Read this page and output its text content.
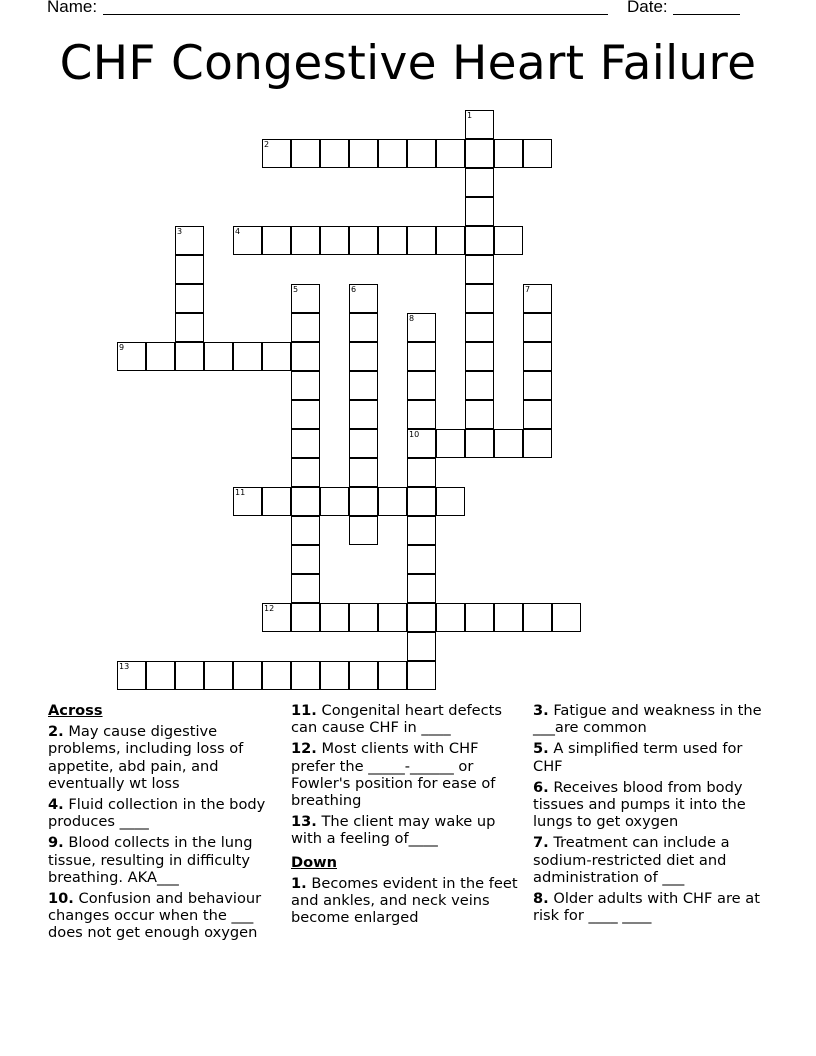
Name:	Date:
CHF Congestive Heart Failure
1
2
3	4
5	6	7
8
10
9
11
12
13
Across
2. May cause digestive problems, including loss of appetite, abd pain, and eventually wt loss
4. Fluid collection in the body produces ____
9. Blood collects in the lung tissue, resulting in difficulty breathing. AKA___
10. Confusion and behaviour changes occur when the ___ does not get enough oxygen
11. Congenital heart defects can cause CHF in ____
12. Most clients with CHF prefer the _____-______ or Fowler's position for ease of breathing
13. The client may wake up with a feeling of____
Down
1. Becomes evident in the feet and ankles, and neck veins become enlarged
3. Fatigue and weakness in the ___are common
5. A simplified term used for CHF
6. Receives blood from body tissues and pumps it into the lungs to get oxygen
7. Treatment can include a sodium-restricted diet and administration of ___
8. Older adults with CHF are at risk for ____ ____
